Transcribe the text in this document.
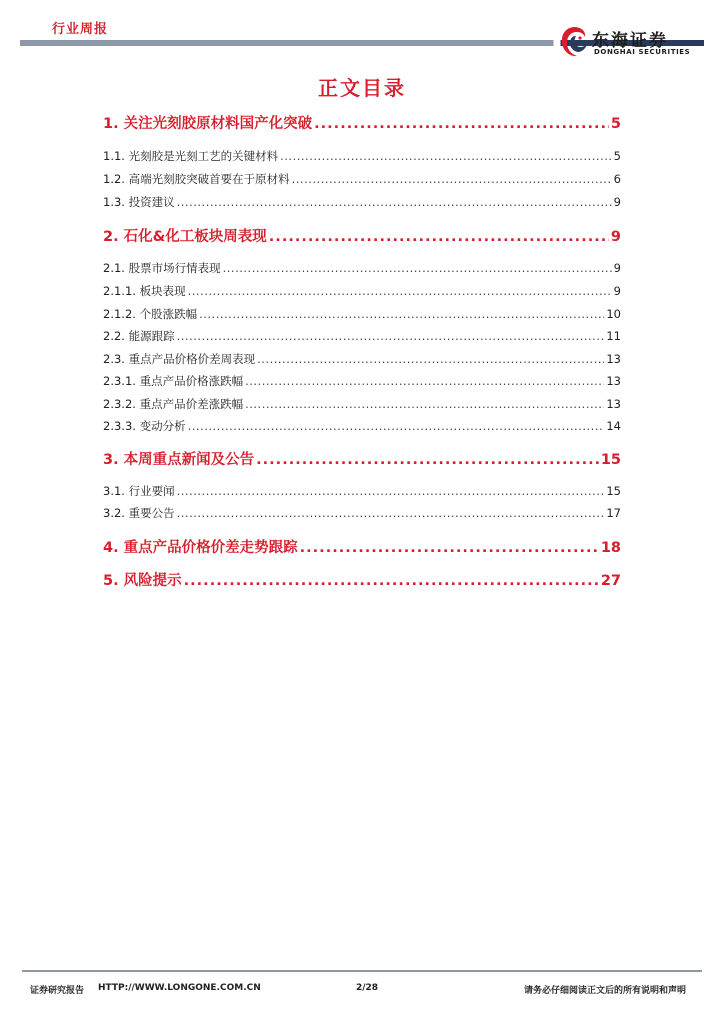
行业周报
东海证券
DONGHAI SECURITIES
正文目录
1. 关注光刻胶原材料国产化突破 .....	5
1.1. 光刻胶是光刻工艺的关键材料 .....	5
1.2. 高端光刻胶突破首要在于原材料 .....	6
1.3. 投资建议 .....	9
2. 石化&化工板块周表现 .....	9
2.1. 股票市场行情表现 .....	9
2.1.1. 板块表现 .....	9
2.1.2. 个股涨跌幅 .....	10
2.2. 能源跟踪 .....	11
2.3. 重点产品价格价差周表现 .....	13
2.3.1. 重点产品价格涨跌幅 .....	13
2.3.2. 重点产品价差涨跌幅 .....	13
2.3.3. 变动分析 .....	14
3. 本周重点新闻及公告 .....	15
3.1. 行业要闻 .....	15
3.2. 重要公告 .....	17
4. 重点产品价格价差走势跟踪 .....	18
5. 风险提示 .....	27
证券研究报告 HTTP://WWW.LONGONE.COM.CN	2/28	请务必仔细阅读正文后的所有说明和声明
